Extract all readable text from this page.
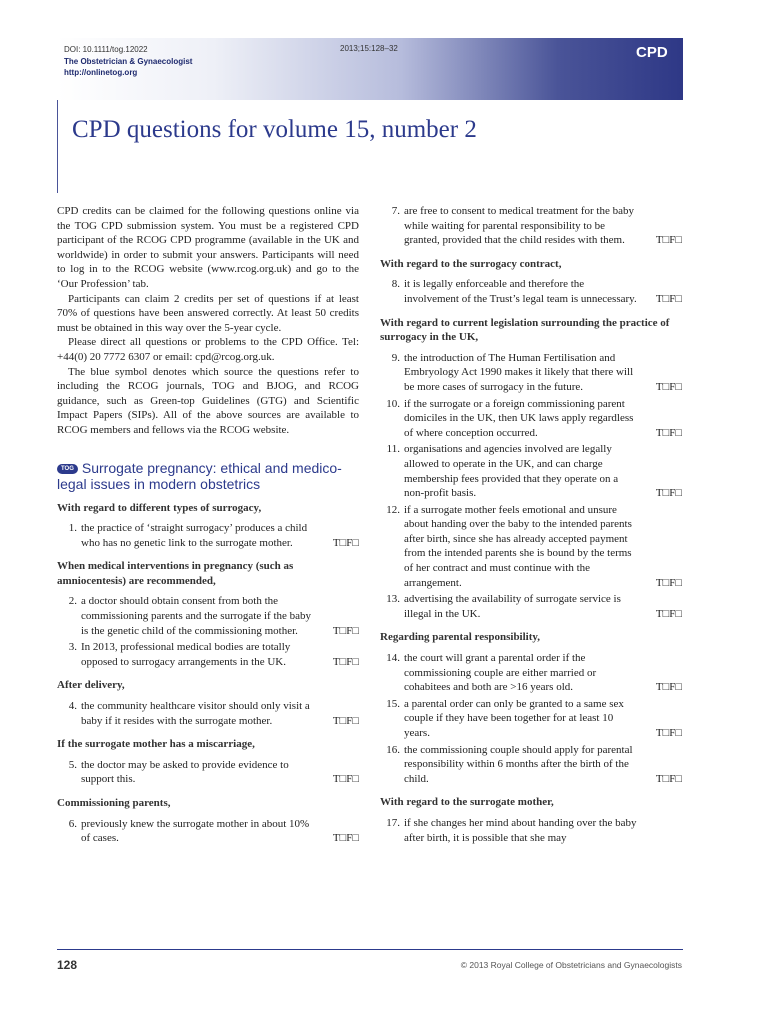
DOI: 10.1111/tog.12022
The Obstetrician & Gynaecologist
http://onlinetog.org
2013;15:128–32	CPD
CPD questions for volume 15, number 2

CPD credits can be claimed for the following questions online via the TOG CPD submission system. You must be a registered CPD participant of the RCOG CPD programme (available in the UK and worldwide) in order to submit your answers. Participants will need to log in to the RCOG website (www.rcog.org.uk) and go to the ‘Our Profession’ tab.

Participants can claim 2 credits per set of questions if at least 70% of questions have been answered correctly. At least 50 credits must be obtained in this way over the 5-year cycle.

Please direct all questions or problems to the CPD Office. Tel: +44(0) 20 7772 6307 or email: cpd@rcog.org.uk.

The blue symbol denotes which source the questions refer to including the RCOG journals, TOG and BJOG, and RCOG guidance, such as Green-top Guidelines (GTG) and Scientific Impact Papers (SIPs). All of the above sources are available to RCOG members and fellows via the RCOG website.

TOG Surrogate pregnancy: ethical and medico-legal issues in modern obstetrics
With regard to different types of surrogacy,
1. the practice of ‘straight surrogacy’ produces a child who has no genetic link to the surrogate mother.	T□F□
When medical interventions in pregnancy (such as amniocentesis) are recommended,
2. a doctor should obtain consent from both the commissioning parents and the surrogate if the baby is the genetic child of the commissioning mother.	T□F□
3. In 2013, professional medical bodies are totally opposed to surrogacy arrangements in the UK.	T□F□
After delivery,
4. the community healthcare visitor should only visit a baby if it resides with the surrogate mother.	T□F□
If the surrogate mother has a miscarriage,
5. the doctor may be asked to provide evidence to support this.	T□F□
Commissioning parents,
6. previously knew the surrogate mother in about 10% of cases.	T□F□
7. are free to consent to medical treatment for the baby while waiting for parental responsibility to be granted, provided that the child resides with them.	T□F□
With regard to the surrogacy contract,
8. it is legally enforceable and therefore the involvement of the Trust’s legal team is unnecessary.	T□F□
With regard to current legislation surrounding the practice of surrogacy in the UK,
9. the introduction of The Human Fertilisation and Embryology Act 1990 makes it likely that there will be more cases of surrogacy in the future.	T□F□
10. if the surrogate or a foreign commissioning parent domiciles in the UK, then UK laws apply regardless of where conception occurred.	T□F□
11. organisations and agencies involved are legally allowed to operate in the UK, and can charge membership fees provided that they operate on a non-profit basis.	T□F□
12. if a surrogate mother feels emotional and unsure about handing over the baby to the intended parents after birth, since she has already accepted payment from the intended parents she is bound by the terms of her contract and must continue with the arrangement.	T□F□
13. advertising the availability of surrogate service is illegal in the UK.	T□F□
Regarding parental responsibility,
14. the court will grant a parental order if the commissioning couple are either married or cohabitees and both are >16 years old.	T□F□
15. a parental order can only be granted to a same sex couple if they have been together for at least 10 years.	T□F□
16. the commissioning couple should apply for parental responsibility within 6 months after the birth of the child.	T□F□
With regard to the surrogate mother,
17. if she changes her mind about handing over the baby after birth, it is possible that she may
128	© 2013 Royal College of Obstetricians and Gynaecologists
